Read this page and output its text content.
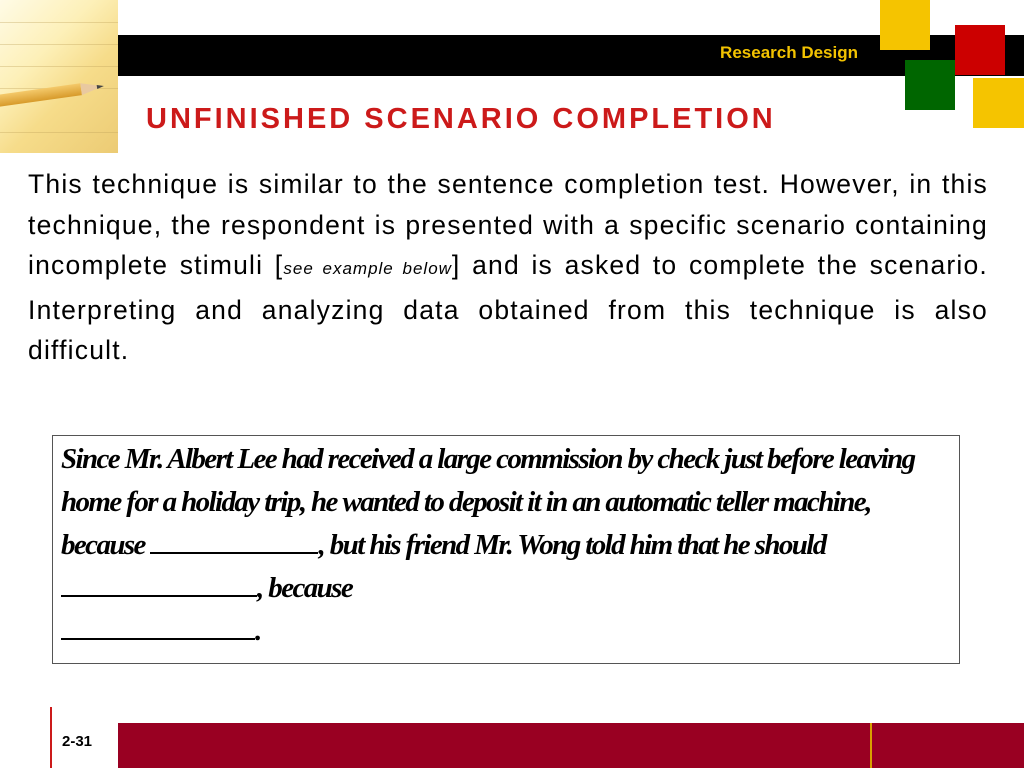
Research Design
UNFINISHED SCENARIO COMPLETION
This technique is similar to the sentence completion test. However, in this technique, the respondent is presented with a specific scenario containing incomplete stimuli [see example below] and is asked to complete the scenario. Interpreting and analyzing data obtained from this technique is also difficult.
Since Mr. Albert Lee had received a large commission by check just before leaving home for a holiday trip, he wanted to deposit it in an automatic teller machine, because	, but his friend Mr. Wong told him that he should , because
.
2-31
